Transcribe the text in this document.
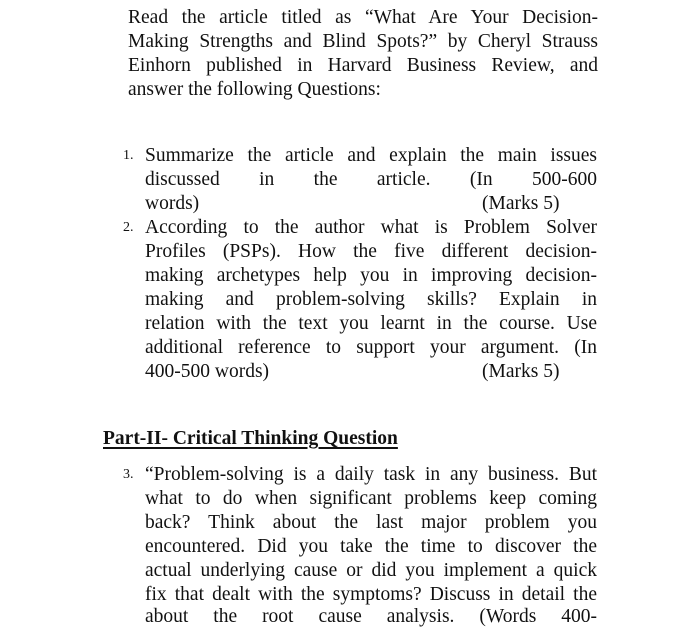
Read the article titled as “What Are Your Decision-
Making Strengths and Blind Spots?” by Cheryl Strauss
Einhorn published in Harvard Business Review, and
answer the following Questions:
1. Summarize the article and explain the main issues
discussed in the article. (In 500-600
words)	(Marks 5)
2. According to the author what is Problem Solver
Profiles (PSPs). How the five different decision-
making archetypes help you in improving decision-
making and problem-solving skills? Explain in
relation with the text you learnt in the course. Use
additional reference to support your argument. (In
400-500 words)	(Marks 5)
Part-II- Critical Thinking Question
3. “Problem-solving is a daily task in any business. But
what to do when significant problems keep coming
back? Think about the last major problem you
encountered. Did you take the time to discover the
actual underlying cause or did you implement a quick
fix that dealt with the symptoms? Discuss in detail the
about the root cause analysis. (Words 400-
